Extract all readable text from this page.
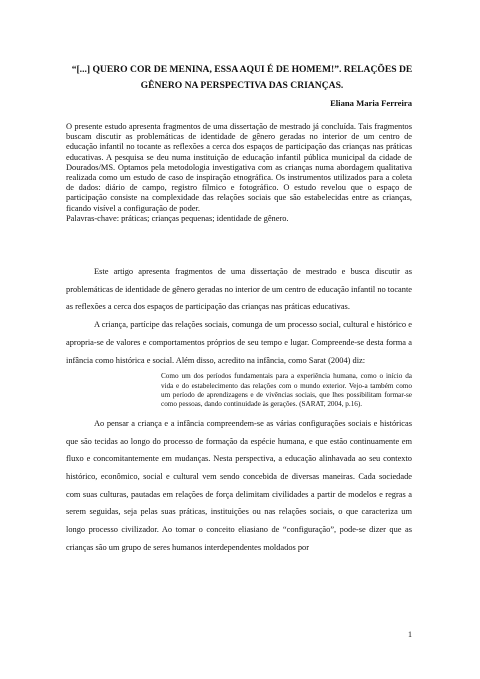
“[...] QUERO COR DE MENINA, ESSA AQUI É DE HOMEM!”. RELAÇÕES DE GÊNERO NA PERSPECTIVA DAS CRIANÇAS.
Eliana Maria Ferreira
O presente estudo apresenta fragmentos de uma dissertação de mestrado já concluída. Tais fragmentos buscam discutir as problemáticas de identidade de gênero geradas no interior de um centro de educação infantil no tocante as reflexões a cerca dos espaços de participação das crianças nas práticas educativas. A pesquisa se deu numa instituição de educação infantil pública municipal da cidade de Dourados/MS. Optamos pela metodologia investigativa com as crianças numa abordagem qualitativa realizada como um estudo de caso de inspiração etnográfica. Os instrumentos utilizados para a coleta de dados: diário de campo, registro fílmico e fotográfico. O estudo revelou que o espaço de participação consiste na complexidade das relações sociais que são estabelecidas entre as crianças, ficando visível a configuração de poder.
Palavras-chave: práticas; crianças pequenas; identidade de gênero.

Este artigo apresenta fragmentos de uma dissertação de mestrado e busca discutir as problemáticas de identidade de gênero geradas no interior de um centro de educação infantil no tocante as reflexões a cerca dos espaços de participação das crianças nas práticas educativas.

A criança, partícipe das relações sociais, comunga de um processo social, cultural e histórico e apropria-se de valores e comportamentos próprios de seu tempo e lugar. Compreende-se desta forma a infância como histórica e social. Além disso, acredito na infância, como Sarat (2004) diz:

Como um dos períodos fundamentais para a experiência humana, como o início da vida e do estabelecimento das relações com o mundo exterior. Vejo-a também como um período de aprendizagens e de vivências sociais, que lhes possibilitam formar-se como pessoas, dando continuidade às gerações. (SARAT, 2004, p.16).

Ao pensar a criança e a infância compreendem-se as várias configurações sociais e históricas que são tecidas ao longo do processo de formação da espécie humana, e que estão continuamente em fluxo e concomitantemente em mudanças. Nesta perspectiva, a educação alinhavada ao seu contexto histórico, econômico, social e cultural vem sendo concebida de diversas maneiras. Cada sociedade com suas culturas, pautadas em relações de força delimitam civilidades a partir de modelos e regras a serem seguidas, seja pelas suas práticas, instituições ou nas relações sociais, o que caracteriza um longo processo civilizador. Ao tomar o conceito eliasiano de “configuração”, pode-se dizer que as crianças são um grupo de seres humanos interdependentes moldados por

1
